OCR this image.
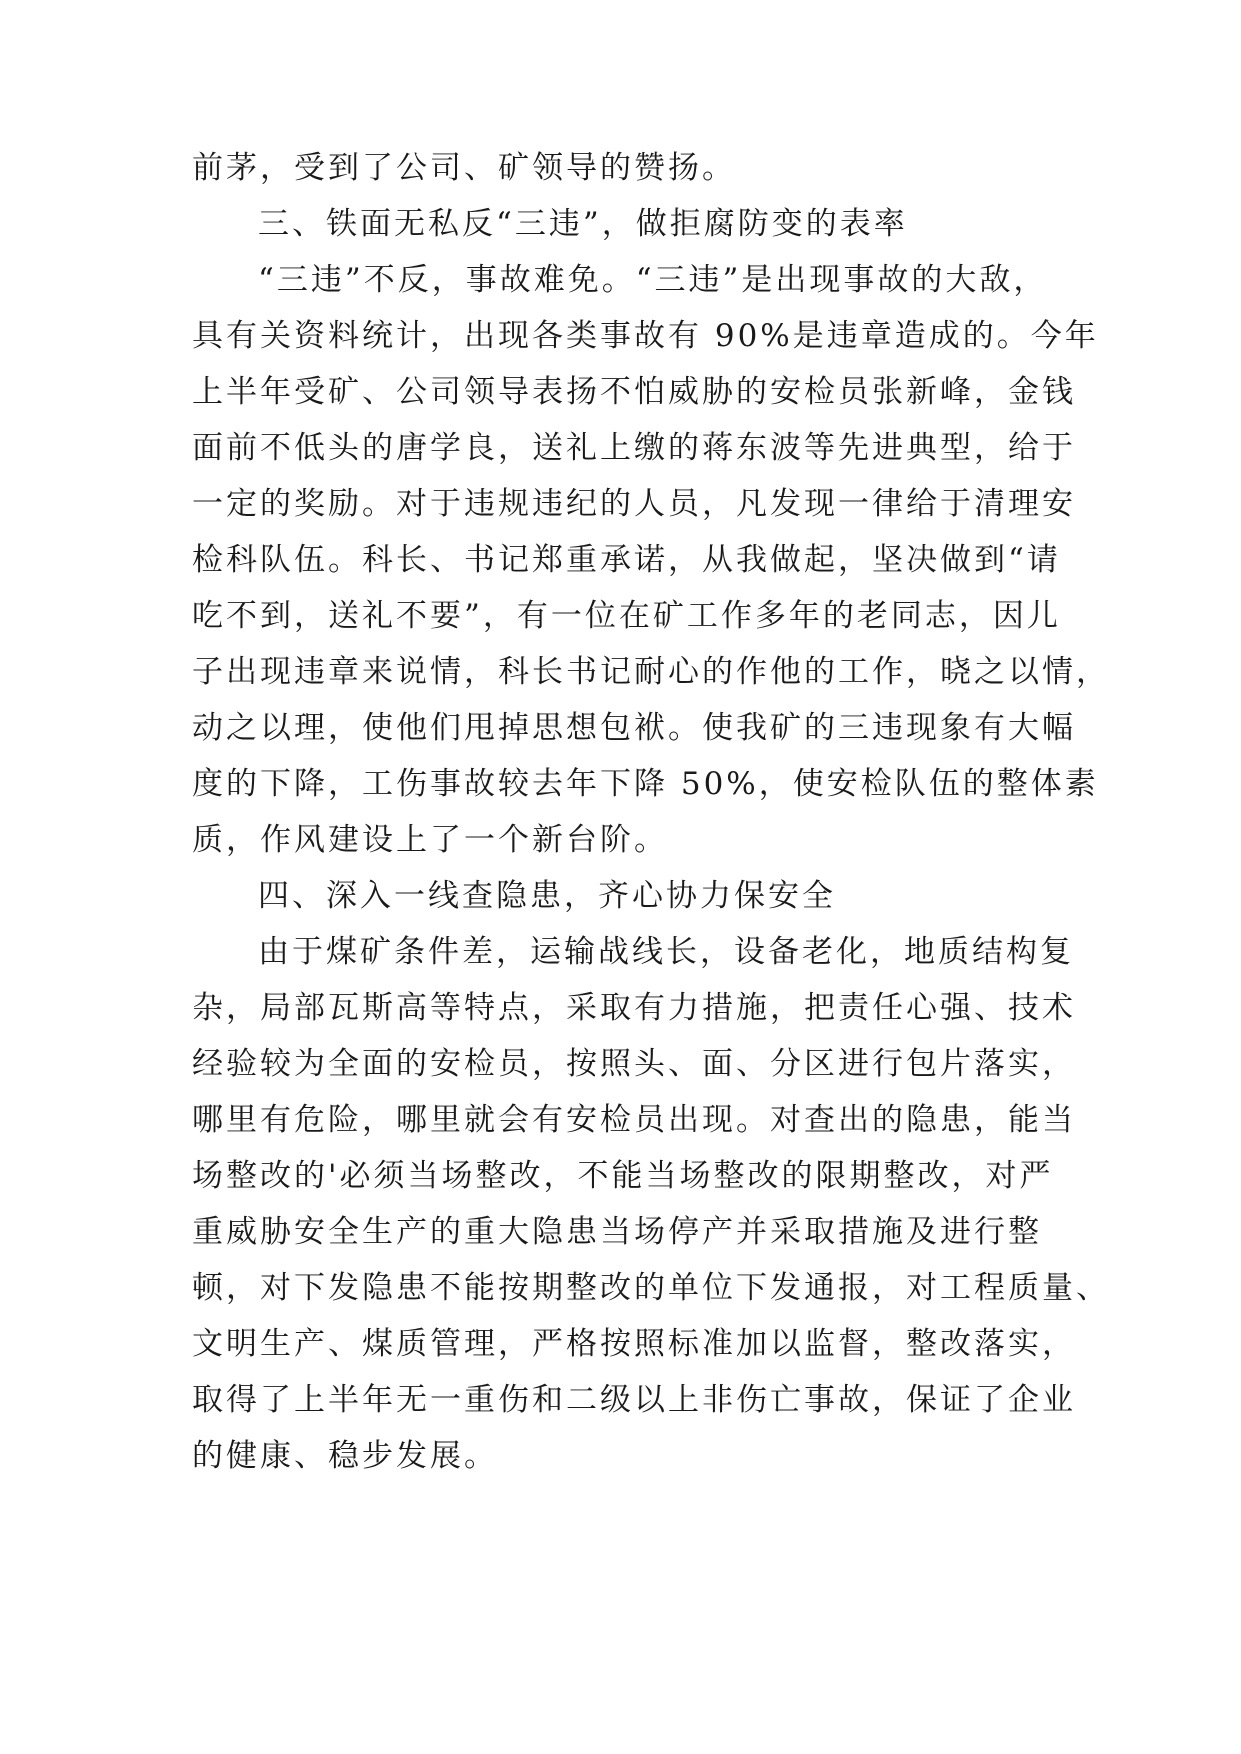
前茅，受到了公司、矿领导的赞扬。
三、铁面无私反“三违”，做拒腐防变的表率
“三违”不反，事故难免。“三违”是出现事故的大敌，
具有关资料统计，出现各类事故有 90%是违章造成的。今年
上半年受矿、公司领导表扬不怕威胁的安检员张新峰，金钱
面前不低头的唐学良，送礼上缴的蒋东波等先进典型，给于
一定的奖励。对于违规违纪的人员，凡发现一律给于清理安
检科队伍。科长、书记郑重承诺，从我做起，坚决做到“请
吃不到，送礼不要”，有一位在矿工作多年的老同志，因儿
子出现违章来说情，科长书记耐心的作他的工作，晓之以情，
动之以理，使他们甩掉思想包袱。使我矿的三违现象有大幅
度的下降，工伤事故较去年下降 50%，使安检队伍的整体素
质，作风建设上了一个新台阶。
四、深入一线查隐患，齐心协力保安全
由于煤矿条件差，运输战线长，设备老化，地质结构复
杂，局部瓦斯高等特点，采取有力措施，把责任心强、技术
经验较为全面的安检员，按照头、面、分区进行包片落实，
哪里有危险，哪里就会有安检员出现。对查出的隐患，能当
场整改的'必须当场整改，不能当场整改的限期整改，对严
重威胁安全生产的重大隐患当场停产并采取措施及进行整
顿，对下发隐患不能按期整改的单位下发通报，对工程质量、
文明生产、煤质管理，严格按照标准加以监督，整改落实，
取得了上半年无一重伤和二级以上非伤亡事故，保证了企业
的健康、稳步发展。
